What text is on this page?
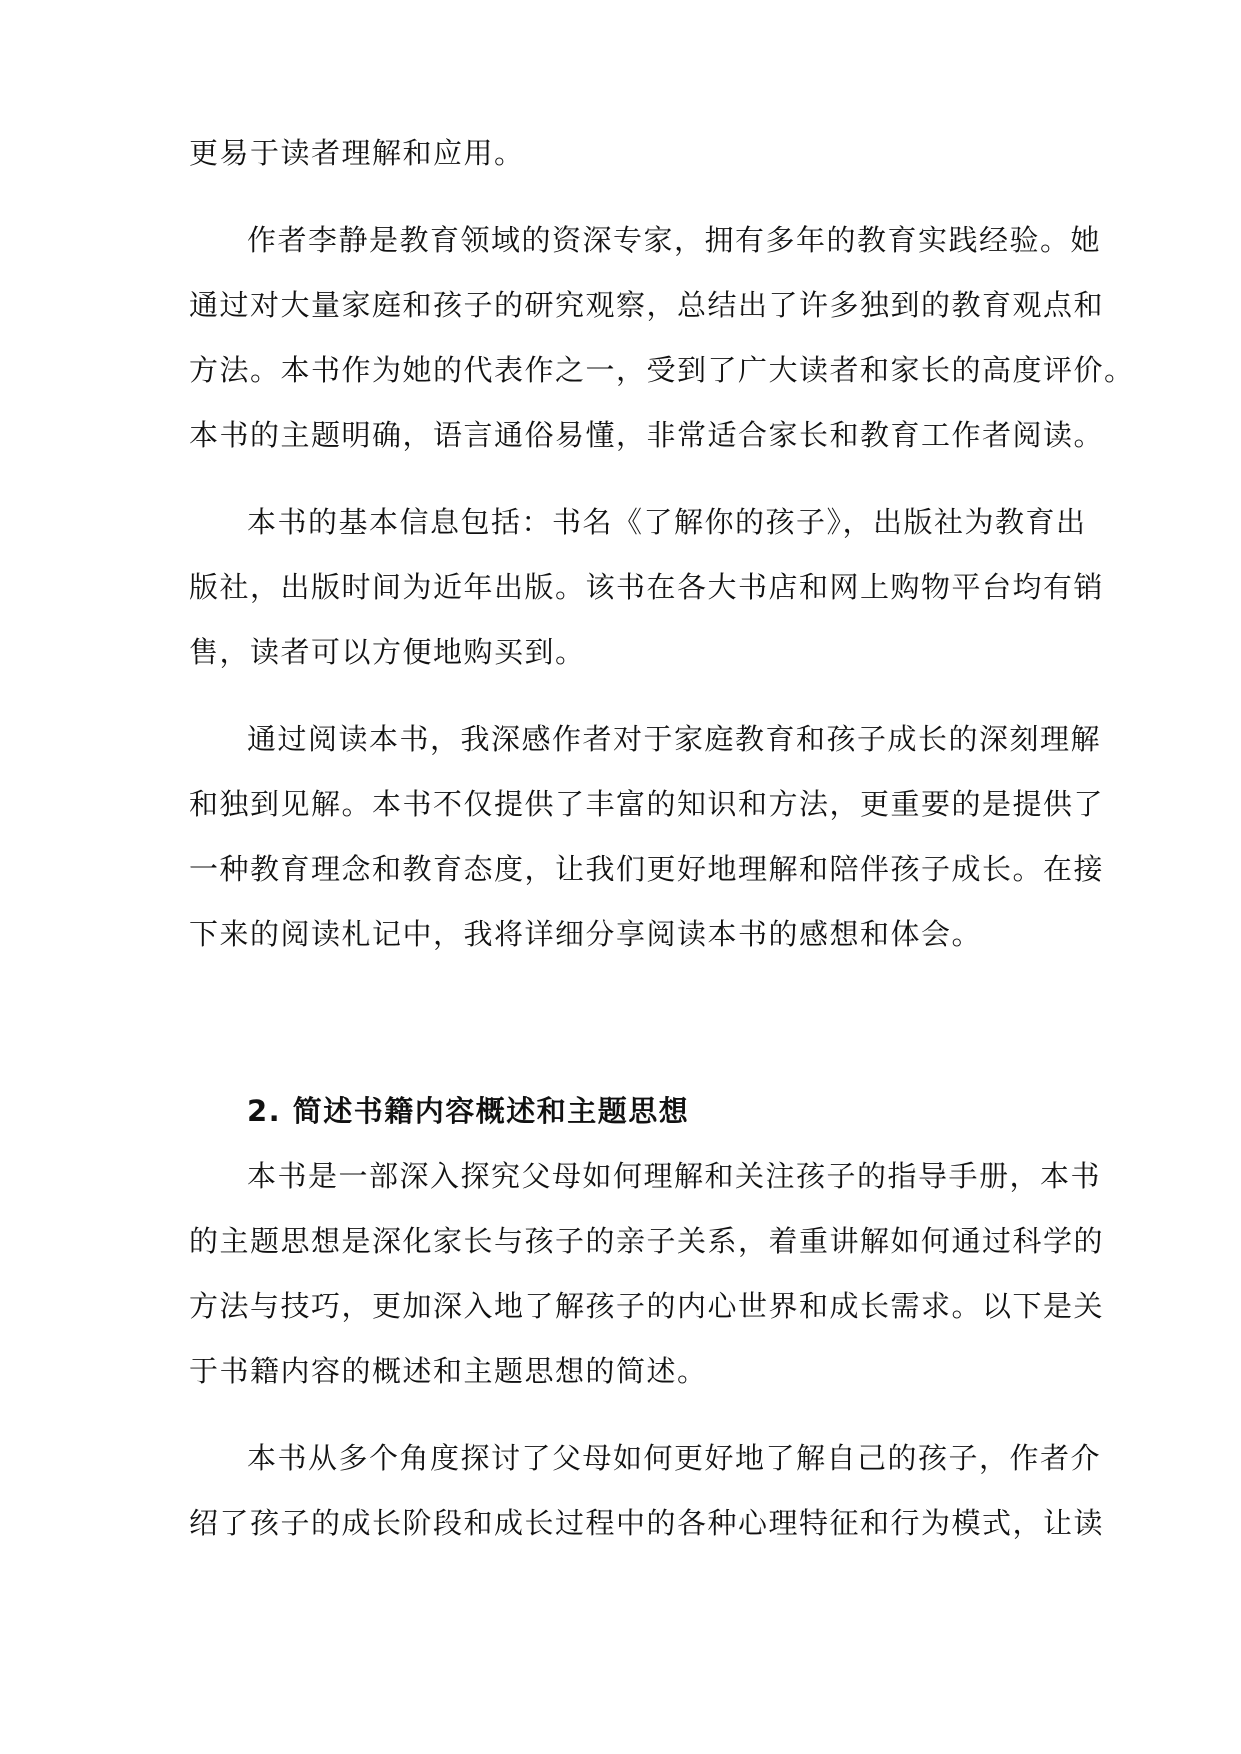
更易于读者理解和应用。
作者李静是教育领域的资深专家，拥有多年的教育实践经验。她
通过对大量家庭和孩子的研究观察，总结出了许多独到的教育观点和
方法。本书作为她的代表作之一，受到了广大读者和家长的高度评价。
本书的主题明确，语言通俗易懂，非常适合家长和教育工作者阅读。
本书的基本信息包括：书名《了解你的孩子》，出版社为教育出
版社，出版时间为近年出版。该书在各大书店和网上购物平台均有销
售，读者可以方便地购买到。
通过阅读本书，我深感作者对于家庭教育和孩子成长的深刻理解
和独到见解。本书不仅提供了丰富的知识和方法，更重要的是提供了
一种教育理念和教育态度，让我们更好地理解和陪伴孩子成长。在接
下来的阅读札记中，我将详细分享阅读本书的感想和体会。
2. 简述书籍内容概述和主题思想
本书是一部深入探究父母如何理解和关注孩子的指导手册，本书
的主题思想是深化家长与孩子的亲子关系，着重讲解如何通过科学的
方法与技巧，更加深入地了解孩子的内心世界和成长需求。以下是关
于书籍内容的概述和主题思想的简述。
本书从多个角度探讨了父母如何更好地了解自己的孩子，作者介
绍了孩子的成长阶段和成长过程中的各种心理特征和行为模式，让读
